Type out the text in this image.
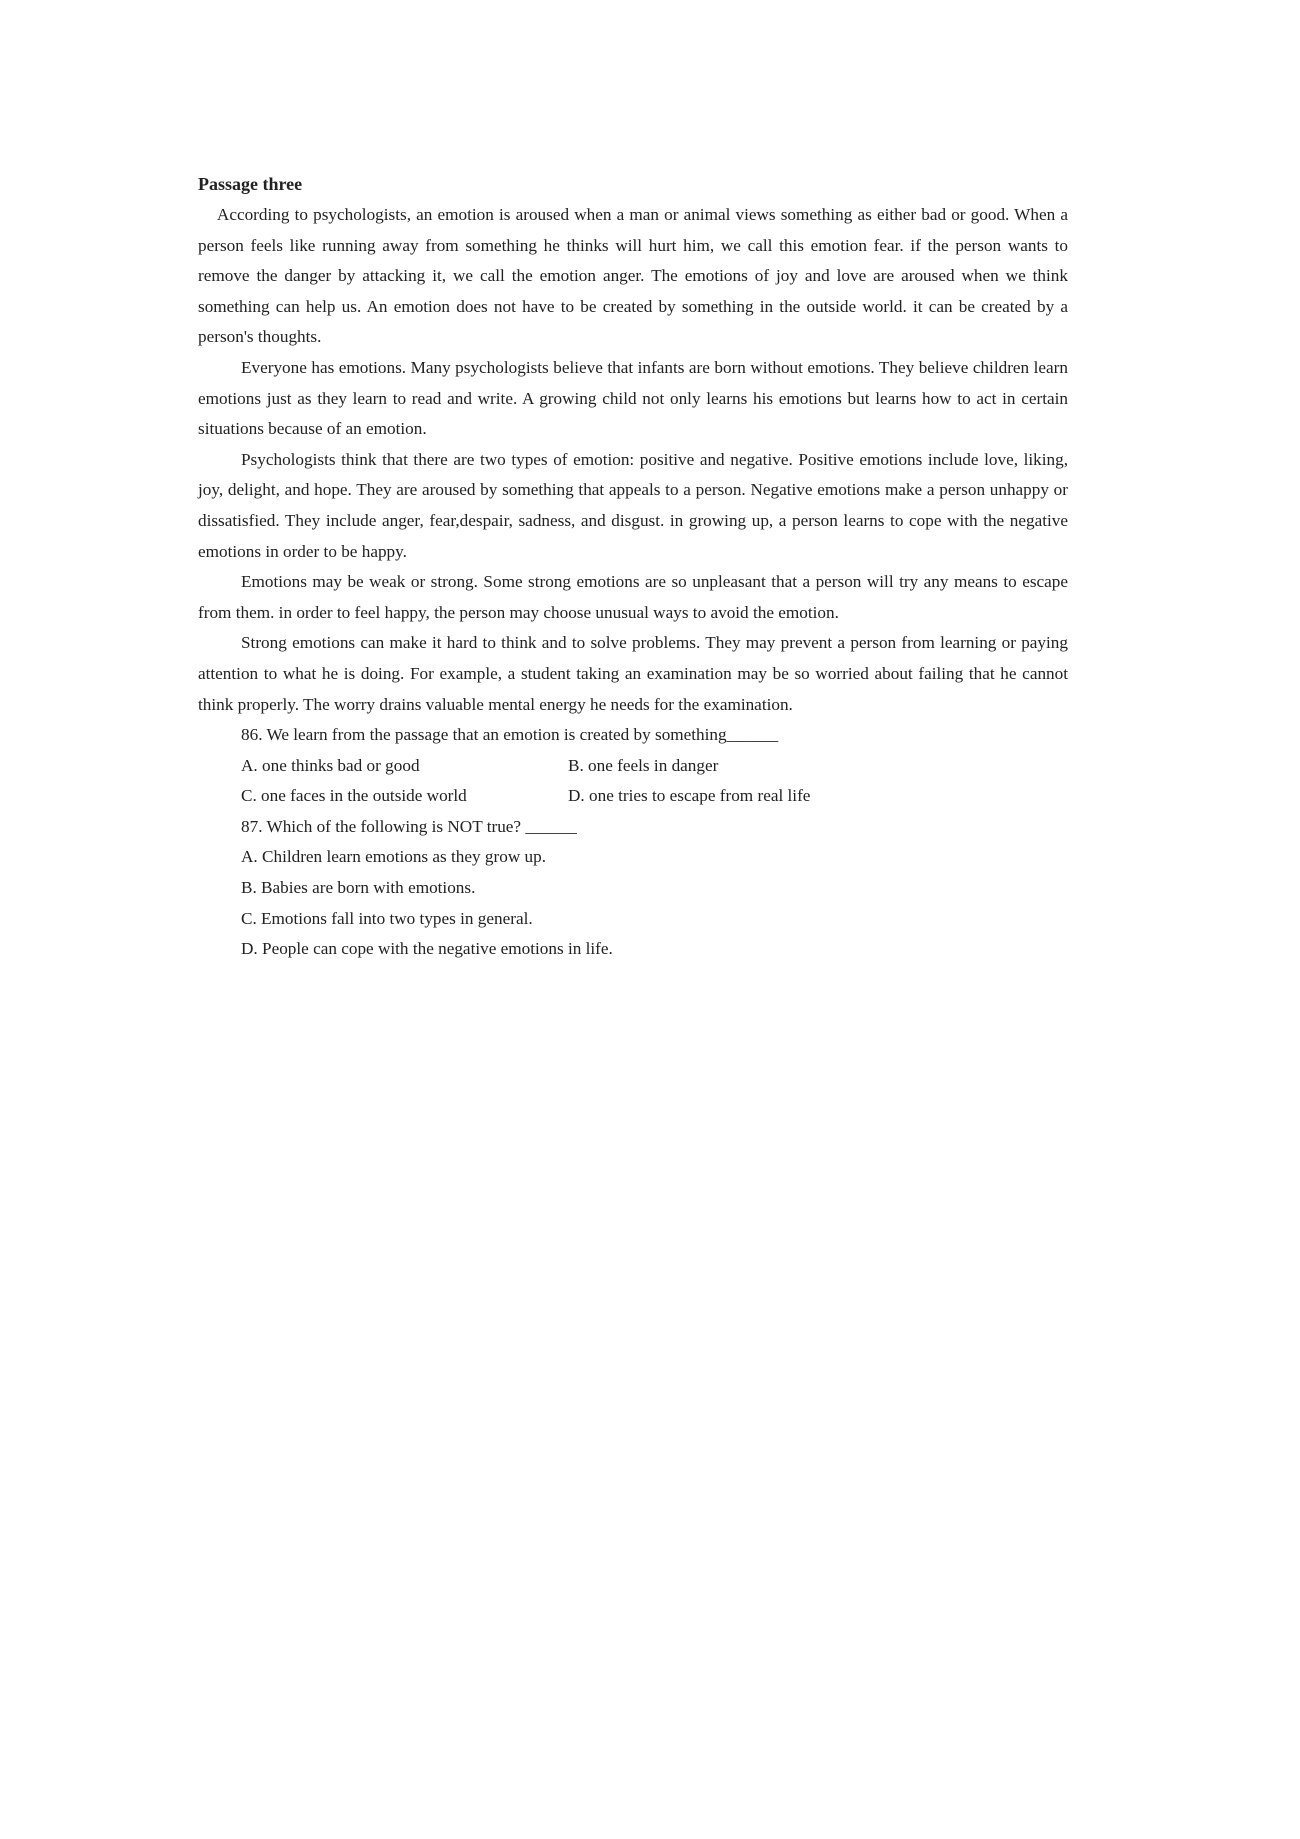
Passage three

According to psychologists, an emotion is aroused when a man or animal views something as either bad or good. When a person feels like running away from something he thinks will hurt him, we call this emotion fear. if the person wants to remove the danger by attacking it, we call the emotion anger. The emotions of joy and love are aroused when we think something can help us. An emotion does not have to be created by something in the outside world. it can be created by a person's thoughts.

Everyone has emotions. Many psychologists believe that infants are born without emotions. They believe children learn emotions just as they learn to read and write. A growing child not only learns his emotions but learns how to act in certain situations because of an emotion.

Psychologists think that there are two types of emotion: positive and negative. Positive emotions include love, liking, joy, delight, and hope. They are aroused by something that appeals to a person. Negative emotions make a person unhappy or dissatisfied. They include anger, fear,despair, sadness, and disgust. in growing up, a person learns to cope with the negative emotions in order to be happy.

Emotions may be weak or strong. Some strong emotions are so unpleasant that a person will try any means to escape from them. in order to feel happy, the person may choose unusual ways to avoid the emotion.

Strong emotions can make it hard to think and to solve problems. They may prevent a person from learning or paying attention to what he is doing. For example, a student taking an examination may be so worried about failing that he cannot think properly. The worry drains valuable mental energy he needs for the examination.

86. We learn from the passage that an emotion is created by something______

A. one thinks bad or good	B. one feels in danger

C. one faces in the outside world	D. one tries to escape from real life

87. Which of the following is NOT true? ______

A. Children learn emotions as they grow up.

B. Babies are born with emotions.

C. Emotions fall into two types in general.

D. People can cope with the negative emotions in life.
